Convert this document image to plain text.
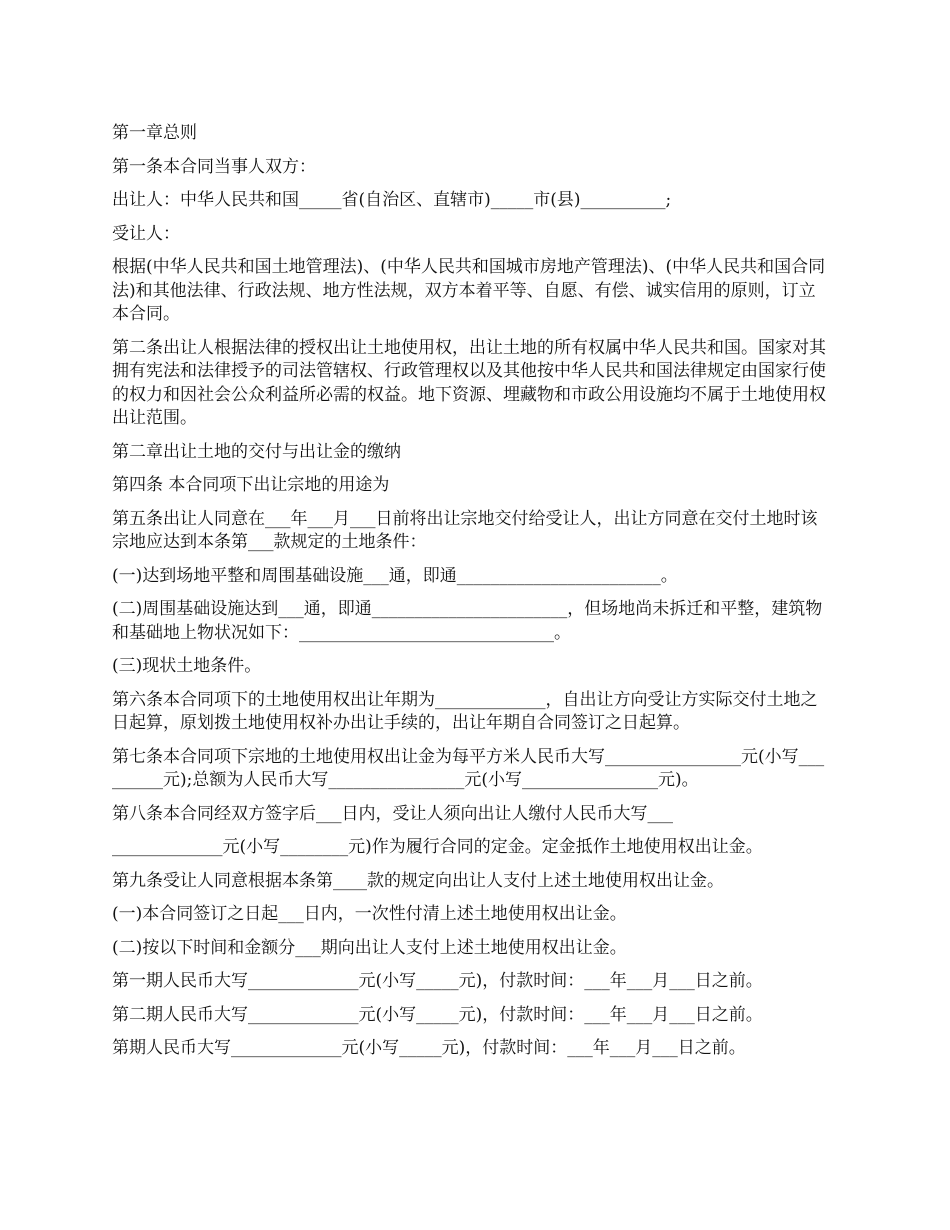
第一章总则

第一条本合同当事人双方：

出让人：中华人民共和国_____省(自治区、直辖市)_____市(县)__________;

受让人：

根据(中华人民共和国土地管理法)、(中华人民共和国城市房地产管理法)、(中华人民共和国合同法)和其他法律、行政法规、地方性法规，双方本着平等、自愿、有偿、诚实信用的原则，订立本合同。

第二条出让人根据法律的授权出让土地使用权，出让土地的所有权属中华人民共和国。国家对其拥有宪法和法律授予的司法管辖权、行政管理权以及其他按中华人民共和国法律规定由国家行使的权力和因社会公众利益所必需的权益。地下资源、埋藏物和市政公用设施均不属于土地使用权出让范围。

第二章出让土地的交付与出让金的缴纳

第四条 本合同项下出让宗地的用途为

第五条出让人同意在___年___月___日前将出让宗地交付给受让人，出让方同意在交付土地时该宗地应达到本条第___款规定的土地条件：

(一)达到场地平整和周围基础设施___通，即通________________________。

(二)周围基础设施达到___通，即通_______________________，但场地尚未拆迁和平整，建筑物和基础地上物状况如下：______________________________。

(三)现状土地条件。

第六条本合同项下的土地使用权出让年期为_____________，自出让方向受让方实际交付土地之日起算，原划拨土地使用权补办出让手续的，出让年期自合同签订之日起算。

第七条本合同项下宗地的土地使用权出让金为每平方米人民币大写________________元(小写_________元);总额为人民币大写________________元(小写________________元)。

第八条本合同经双方签字后___日内，受让人须向出让人缴付人民币大写___

_____________元(小写________元)作为履行合同的定金。定金抵作土地使用权出让金。

第九条受让人同意根据本条第____款的规定向出让人支付上述土地使用权出让金。

(一)本合同签订之日起___日内，一次性付清上述土地使用权出让金。

(二)按以下时间和金额分___期向出让人支付上述土地使用权出让金。

第一期人民币大写_____________元(小写_____元)，付款时间：___年___月___日之前。

第二期人民币大写_____________元(小写_____元)，付款时间：___年___月___日之前。

第期人民币大写_____________元(小写_____元)，付款时间：___年___月___日之前。
